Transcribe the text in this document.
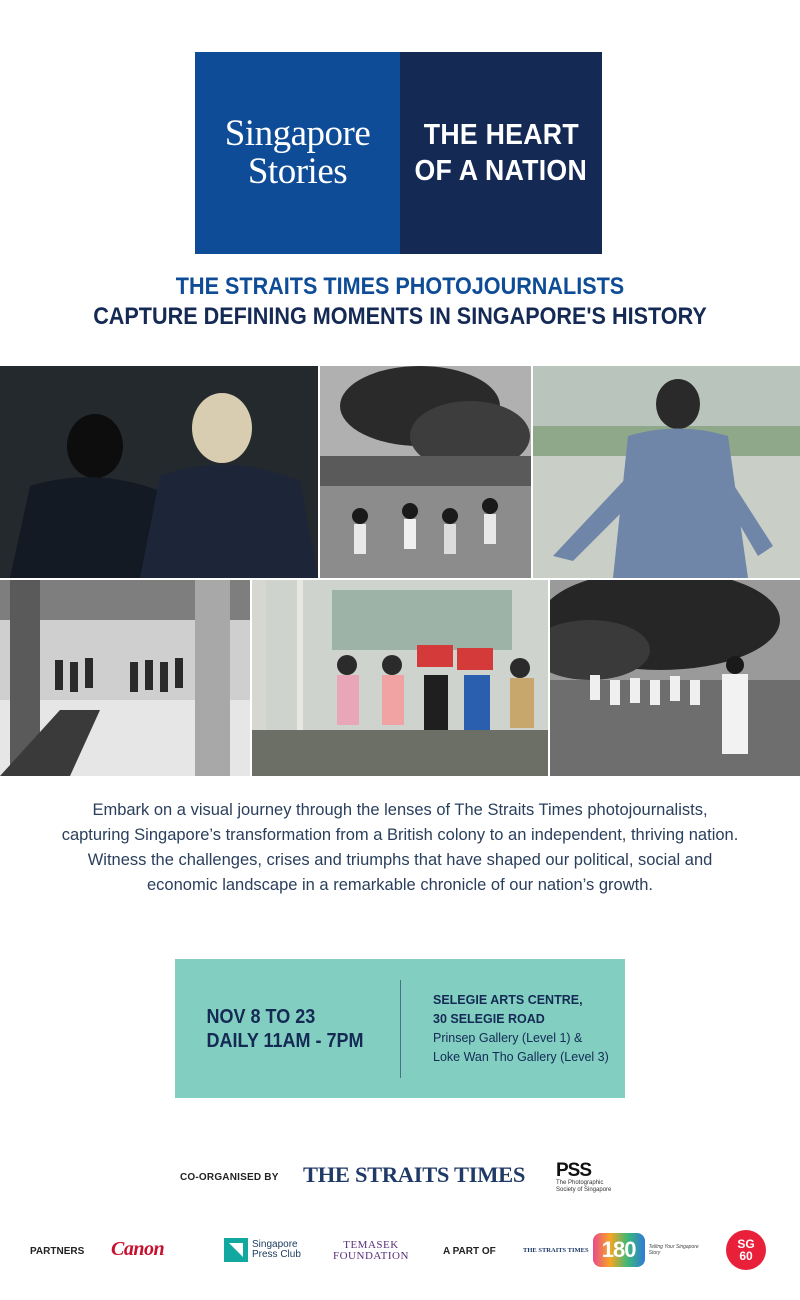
Singapore
Stories
THE HEART
OF A NATION
THE STRAITS TIMES PHOTOJOURNALISTS
CAPTURE DEFINING MOMENTS IN SINGAPORE'S HISTORY
Embark on a visual journey through the lenses of The Straits Times photojournalists, capturing Singapore’s transformation from a British colony to an independent, thriving nation. Witness the challenges, crises and triumphs that have shaped our political, social and economic landscape in a remarkable chronicle of our nation’s growth.
NOV 8 TO 23
DAILY 11AM - 7PM
SELEGIE ARTS CENTRE,
30 SELEGIE ROAD
Prinsep Gallery (Level 1) &
Loke Wan Tho Gallery (Level 3)
CO-ORGANISED BY THE STRAITS TIMES PSS
The Photographic
Society of Singapore
PARTNERS Canon	Singapore
Press Club
TEMASEK
FOUNDATION	A PART OF	THE STRAITS TIMES 180	Telling Your Singapore Story
SG
60
